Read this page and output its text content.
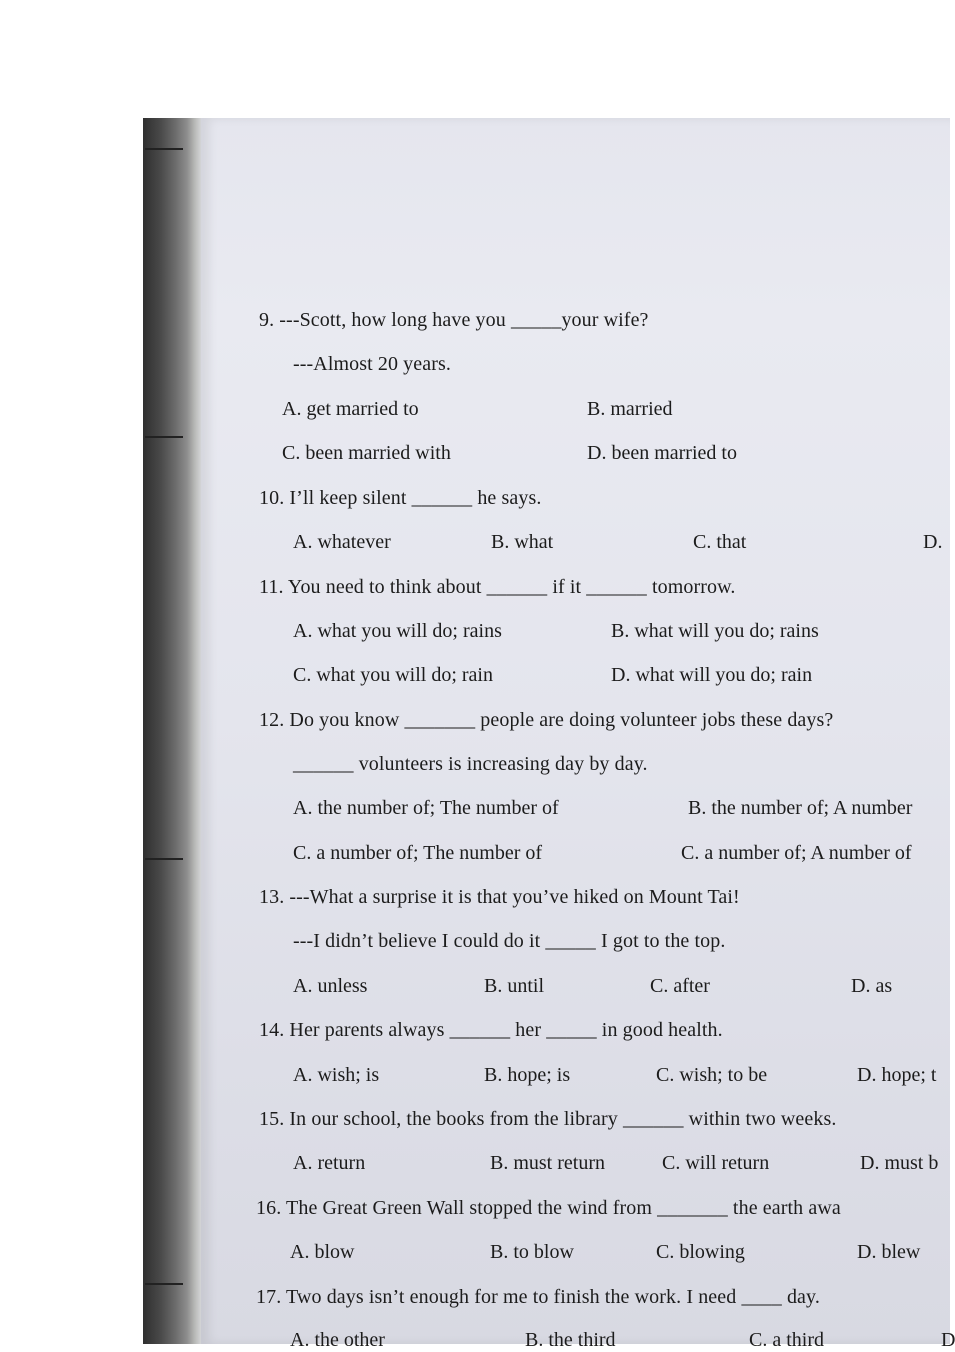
9. ---Scott, how long have you _____your wife?
---Almost 20 years.
A. get married to	B. married
C. been married with	D. been married to
10. I’ll keep silent ______ he says.
A. whatever	B. what	C. that	D.
11. You need to think about ______ if it ______ tomorrow.
A. what you will do; rains	B. what will you do; rains
C. what you will do; rain	D. what will you do; rain
12. Do you know _______ people are doing volunteer jobs these days?
______ volunteers is increasing day by day.
A. the number of; The number of	B. the number of; A number
C. a number of; The number of	C. a number of; A number of
13. ---What a surprise it is that you’ve hiked on Mount Tai!
---I didn’t believe I could do it _____ I got to the top.
A. unless	B. until	C. after	D. as
14. Her parents always ______ her _____ in good health.
A. wish; is	B. hope; is	C. wish; to be	D. hope; t
15. In our school, the books from the library ______ within two weeks.
A. return	B. must return	C. will return	D. must b
16. The Great Green Wall stopped the wind from _______ the earth awa
A. blow	B. to blow	C. blowing	D. blew
17. Two days isn’t enough for me to finish the work. I need ____ day.
A. the other	B. the third	C. a third	D
